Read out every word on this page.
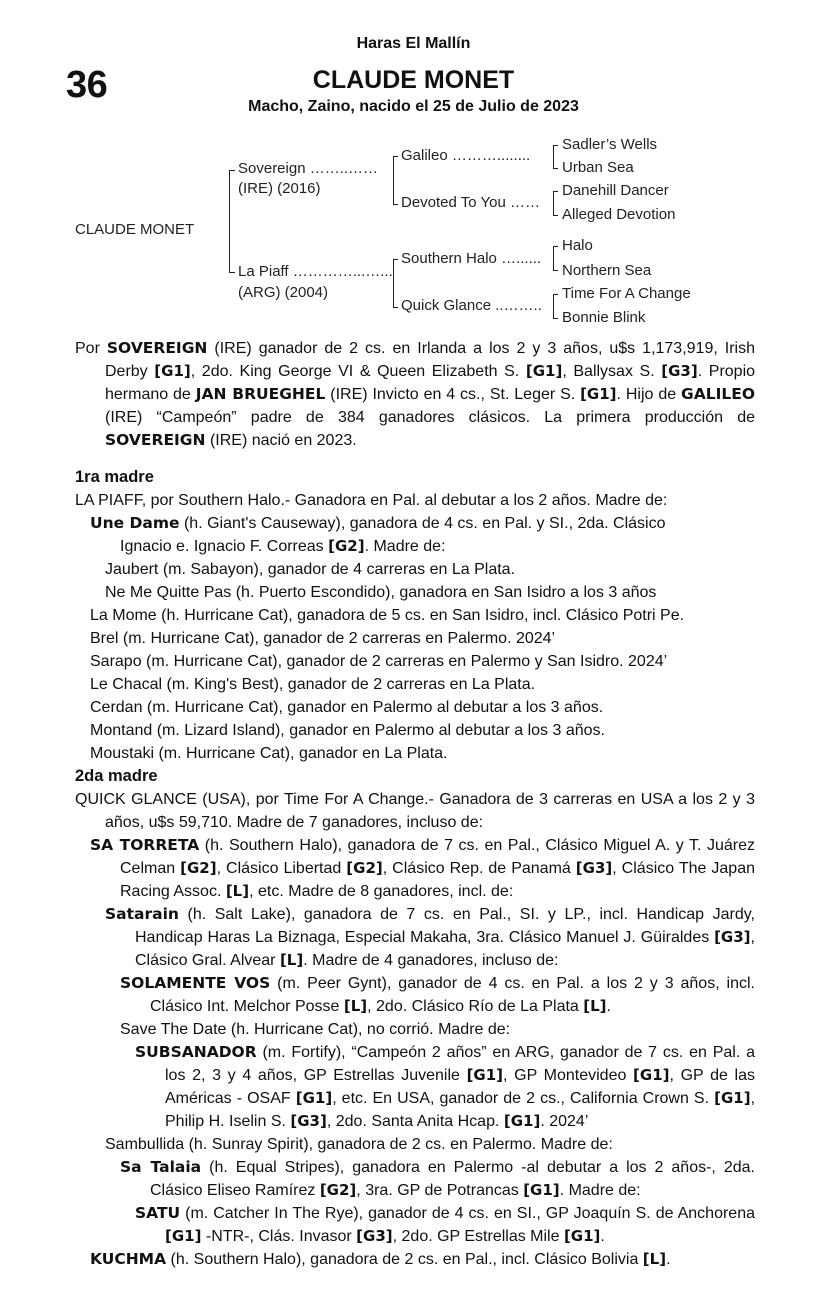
Haras El Mallín
36	CLAUDE MONET
Macho, Zaino, nacido el 25 de Julio de 2023
CLAUDE MONET
Sovereign ……..……
(IRE) (2016)
La Piaff …………...…...
(ARG) (2004)
Galileo ………........
Devoted To You ……
Southern Halo …......
Quick Glance ..……..
Sadler’s Wells
Urban Sea
Danehill Dancer
Alleged Devotion
Halo
Northern Sea
Time For A Change
Bonnie Blink

Por SOVEREIGN (IRE) ganador de 2 cs. en Irlanda a los 2 y 3 años, u$s 1,173,919, Irish Derby [G1], 2do. King George VI & Queen Elizabeth S. [G1], Ballysax S. [G3]. Propio hermano de JAN BRUEGHEL (IRE) Invicto en 4 cs., St. Leger S. [G1]. Hijo de GALILEO (IRE) “Campeón” padre de 384 ganadores clásicos. La primera producción de SOVEREIGN (IRE) nació en 2023.

1ra madre
LA PIAFF, por Southern Halo.- Ganadora en Pal. al debutar a los 2 años. Madre de:
Une Dame (h. Giant's Causeway), ganadora de 4 cs. en Pal. y SI., 2da. Clásico
Ignacio e. Ignacio F. Correas [G2]. Madre de:
Jaubert (m. Sabayon), ganador de 4 carreras en La Plata.
Ne Me Quitte Pas (h. Puerto Escondido), ganadora en San Isidro a los 3 años
La Mome (h. Hurricane Cat), ganadora de 5 cs. en San Isidro, incl. Clásico Potri Pe.
Brel (m. Hurricane Cat), ganador de 2 carreras en Palermo. 2024’
Sarapo (m. Hurricane Cat), ganador de 2 carreras en Palermo y San Isidro. 2024’
Le Chacal (m. King's Best), ganador de 2 carreras en La Plata.
Cerdan (m. Hurricane Cat), ganador en Palermo al debutar a los 3 años.
Montand (m. Lizard Island), ganador en Palermo al debutar a los 3 años.
Moustaki (m. Hurricane Cat), ganador en La Plata.
2da madre

QUICK GLANCE (USA), por Time For A Change.- Ganadora de 3 carreras en USA a los 2 y 3 años, u$s 59,710. Madre de 7 ganadores, incluso de:

SA TORRETA (h. Southern Halo), ganadora de 7 cs. en Pal., Clásico Miguel A. y T. Juárez Celman [G2], Clásico Libertad [G2], Clásico Rep. de Panamá [G3], Clásico The Japan Racing Assoc. [L], etc. Madre de 8 ganadores, incl. de:

Satarain (h. Salt Lake), ganadora de 7 cs. en Pal., SI. y LP., incl. Handicap Jardy, Handicap Haras La Biznaga, Especial Makaha, 3ra. Clásico Manuel J. Güiraldes [G3], Clásico Gral. Alvear [L]. Madre de 4 ganadores, incluso de:

SOLAMENTE VOS (m. Peer Gynt), ganador de 4 cs. en Pal. a los 2 y 3 años, incl. Clásico Int. Melchor Posse [L], 2do. Clásico Río de La Plata [L].

Save The Date (h. Hurricane Cat), no corrió. Madre de:

SUBSANADOR (m. Fortify), “Campeón 2 años” en ARG, ganador de 7 cs. en Pal. a los 2, 3 y 4 años, GP Estrellas Juvenile [G1], GP Montevideo [G1], GP de las Américas - OSAF [G1], etc. En USA, ganador de 2 cs., California Crown S. [G1], Philip H. Iselin S. [G3], 2do. Santa Anita Hcap. [G1]. 2024’

Sambullida (h. Sunray Spirit), ganadora de 2 cs. en Palermo. Madre de:

Sa Talaia (h. Equal Stripes), ganadora en Palermo -al debutar a los 2 años-, 2da. Clásico Eliseo Ramírez [G2], 3ra. GP de Potrancas [G1]. Madre de:

SATU (m. Catcher In The Rye), ganador de 4 cs. en SI., GP Joaquín S. de Anchorena [G1] -NTR-, Clás. Invasor [G3], 2do. GP Estrellas Mile [G1].

KUCHMA (h. Southern Halo), ganadora de 2 cs. en Pal., incl. Clásico Bolivia [L].
